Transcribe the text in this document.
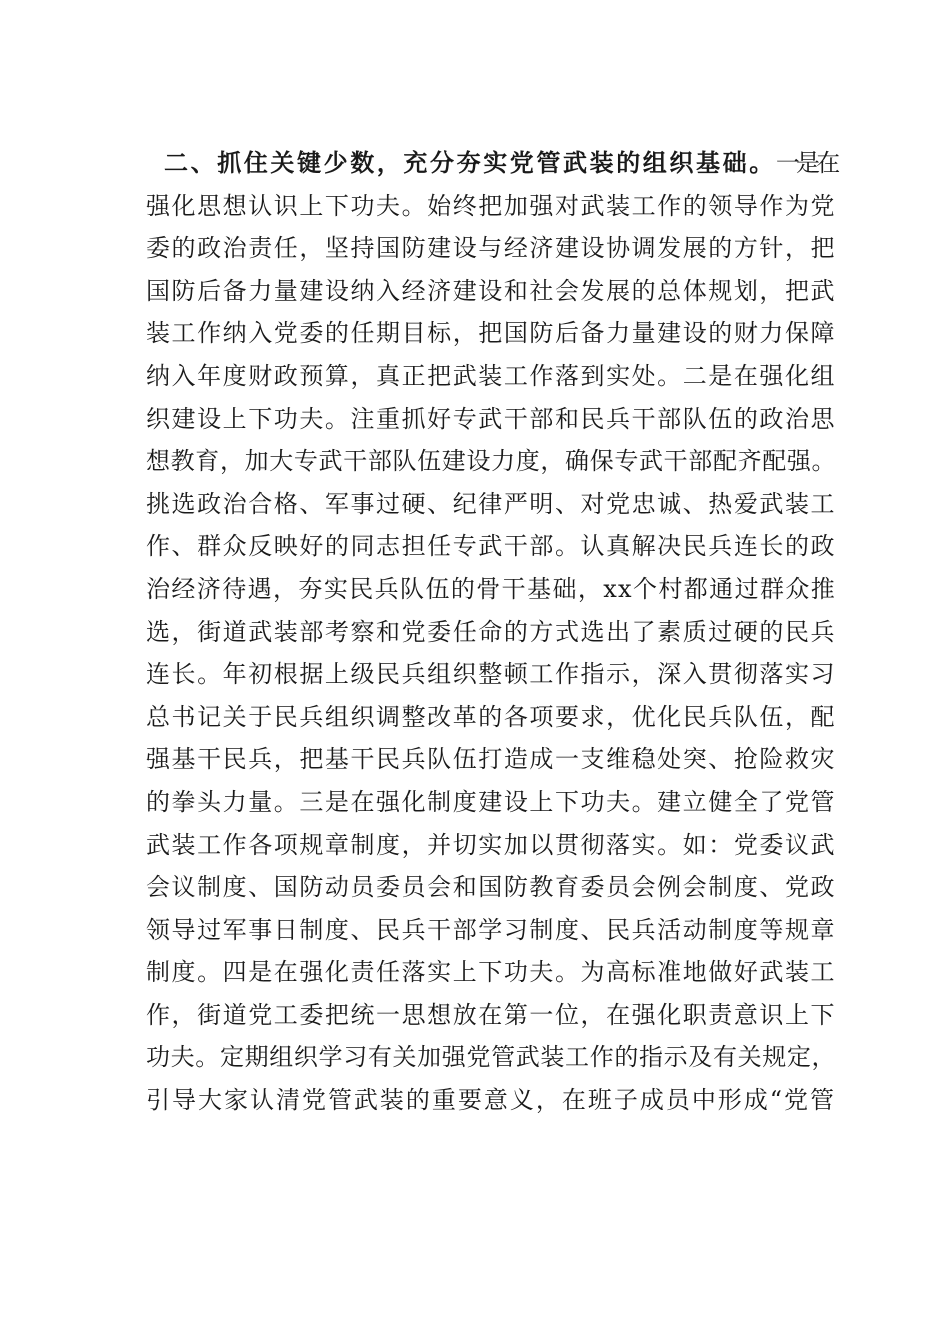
二、抓住关键少数，充分夯实党管武装的组织基础。一是在
强化思想认识上下功夫。始终把加强对武装工作的领导作为党
委的政治责任，坚持国防建设与经济建设协调发展的方针，把
国防后备力量建设纳入经济建设和社会发展的总体规划，把武
装工作纳入党委的任期目标，把国防后备力量建设的财力保障
纳入年度财政预算，真正把武装工作落到实处。二是在强化组
织建设上下功夫。注重抓好专武干部和民兵干部队伍的政治思
想教育，加大专武干部队伍建设力度，确保专武干部配齐配强。
挑选政治合格、军事过硬、纪律严明、对党忠诚、热爱武装工
作、群众反映好的同志担任专武干部。认真解决民兵连长的政
治经济待遇，夯实民兵队伍的骨干基础，xx个村都通过群众推
选，街道武装部考察和党委任命的方式选出了素质过硬的民兵
连长。年初根据上级民兵组织整顿工作指示，深入贯彻落实习
总书记关于民兵组织调整改革的各项要求，优化民兵队伍，配
强基干民兵，把基干民兵队伍打造成一支维稳处突、抢险救灾
的拳头力量。三是在强化制度建设上下功夫。建立健全了党管
武装工作各项规章制度，并切实加以贯彻落实。如：党委议武
会议制度、国防动员委员会和国防教育委员会例会制度、党政
领导过军事日制度、民兵干部学习制度、民兵活动制度等规章
制度。四是在强化责任落实上下功夫。为高标准地做好武装工
作，街道党工委把统一思想放在第一位，在强化职责意识上下
功夫。定期组织学习有关加强党管武装工作的指示及有关规定，
引导大家认清党管武装的重要意义，在班子成员中形成“党管
